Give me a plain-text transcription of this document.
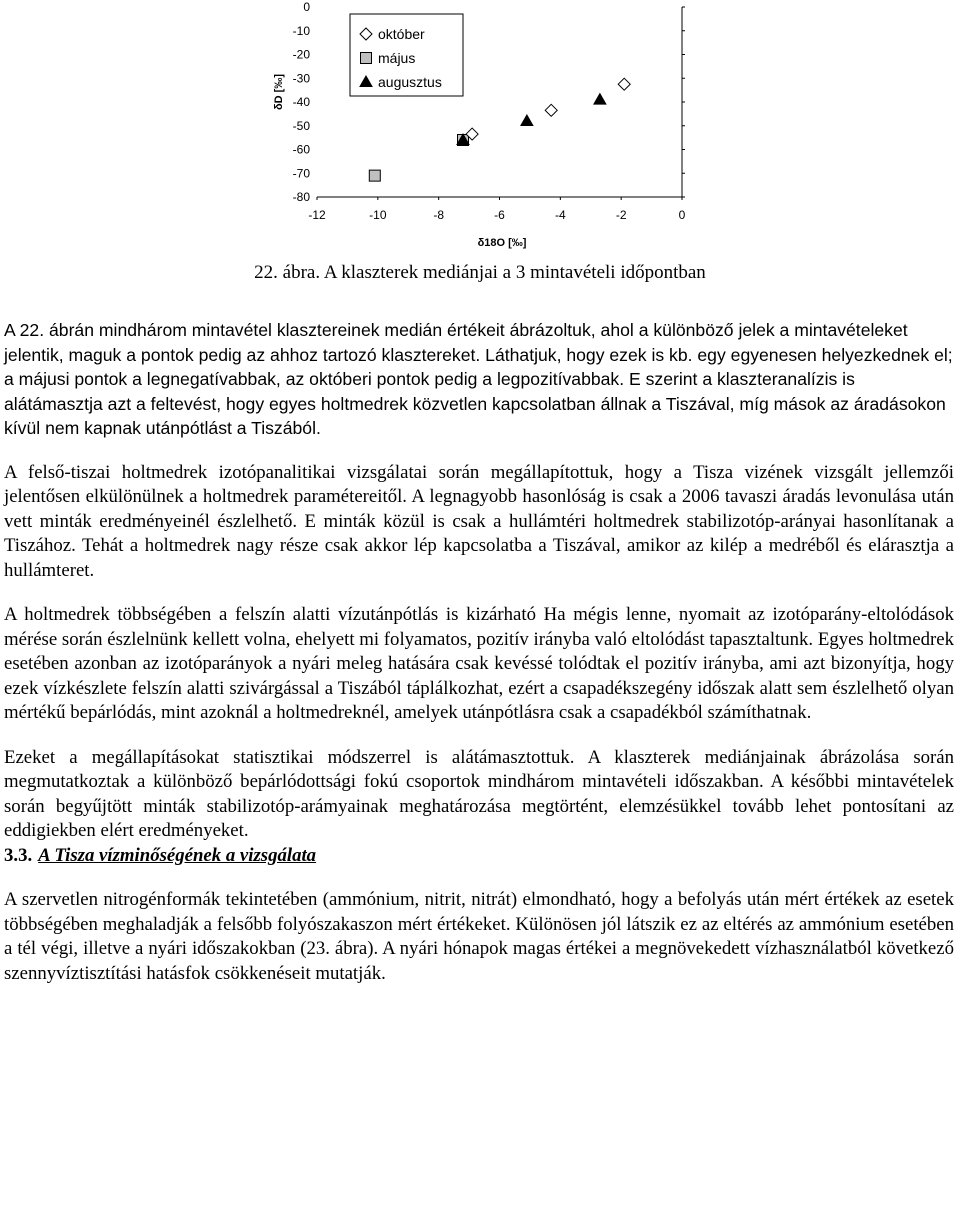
0
-10
-20
-30
-40
-50
-60
-70
-80
-12	-10	-8	-6	-4	-2	0
δ18O [‰]
δD [‰]
október
május
augusztus
22. ábra. A klaszterek mediánjai a 3 mintavételi időpontban

A 22. ábrán mindhárom mintavétel klasztereinek medián értékeit ábrázoltuk, ahol a különböző jelek a mintavételeket jelentik, maguk a pontok pedig az ahhoz tartozó klasztereket. Láthatjuk, hogy ezek is kb. egy egyenesen helyezkednek el; a májusi pontok a legnegatívabbak, az októberi pontok pedig a legpozitívabbak. E szerint a klaszteranalízis is alátámasztja azt a feltevést, hogy egyes holtmedrek közvetlen kapcsolatban állnak a Tiszával, míg mások az áradásokon kívül nem kapnak utánpótlást a Tiszából.

A felső-tiszai holtmedrek izotópanalitikai vizsgálatai során megállapítottuk, hogy a Tisza vizének vizsgált jellemzői jelentősen elkülönülnek a holtmedrek paramétereitől. A legnagyobb hasonlóság is csak a 2006 tavaszi áradás levonulása után vett minták eredményeinél észlelhető. E minták közül is csak a hullámtéri holtmedrek stabilizotóp-arányai hasonlítanak a Tiszához. Tehát a holtmedrek nagy része csak akkor lép kapcsolatba a Tiszával, amikor az kilép a medréből és elárasztja a hullámteret.

A holtmedrek többségében a felszín alatti vízutánpótlás is kizárható Ha mégis lenne, nyomait az izotóparány-eltolódások mérése során észlelnünk kellett volna, ehelyett mi folyamatos, pozitív irányba való eltolódást tapasztaltunk. Egyes holtmedrek esetében azonban az izotóparányok a nyári meleg hatására csak kevéssé tolódtak el pozitív irányba, ami azt bizonyítja, hogy ezek vízkészlete felszín alatti szivárgással a Tiszából táplálkozhat, ezért a csapadékszegény időszak alatt sem észlelhető olyan mértékű bepárlódás, mint azoknál a holtmedreknél, amelyek utánpótlásra csak a csapadékból számíthatnak.

Ezeket a megállapításokat statisztikai módszerrel is alátámasztottuk. A klaszterek mediánjainak ábrázolása során megmutatkoztak a különböző bepárlódottsági fokú csoportok mindhárom mintavételi időszakban. A későbbi mintavételek során begyűjtött minták stabilizotóp-arámyainak meghatározása megtörtént, elemzésükkel tovább lehet pontosítani az eddigiekben elért eredményeket.

3.3. A Tisza vízminőségének a vizsgálata

A szervetlen nitrogénformák tekintetében (ammónium, nitrit, nitrát) elmondható, hogy a befolyás után mért értékek az esetek többségében meghaladják a felsőbb folyószakaszon mért értékeket. Különösen jól látszik ez az eltérés az ammónium esetében a tél végi, illetve a nyári időszakokban (23. ábra). A nyári hónapok magas értékei a megnövekedett vízhasználatból következő szennyvíztisztítási hatásfok csökkenéseit mutatják.
